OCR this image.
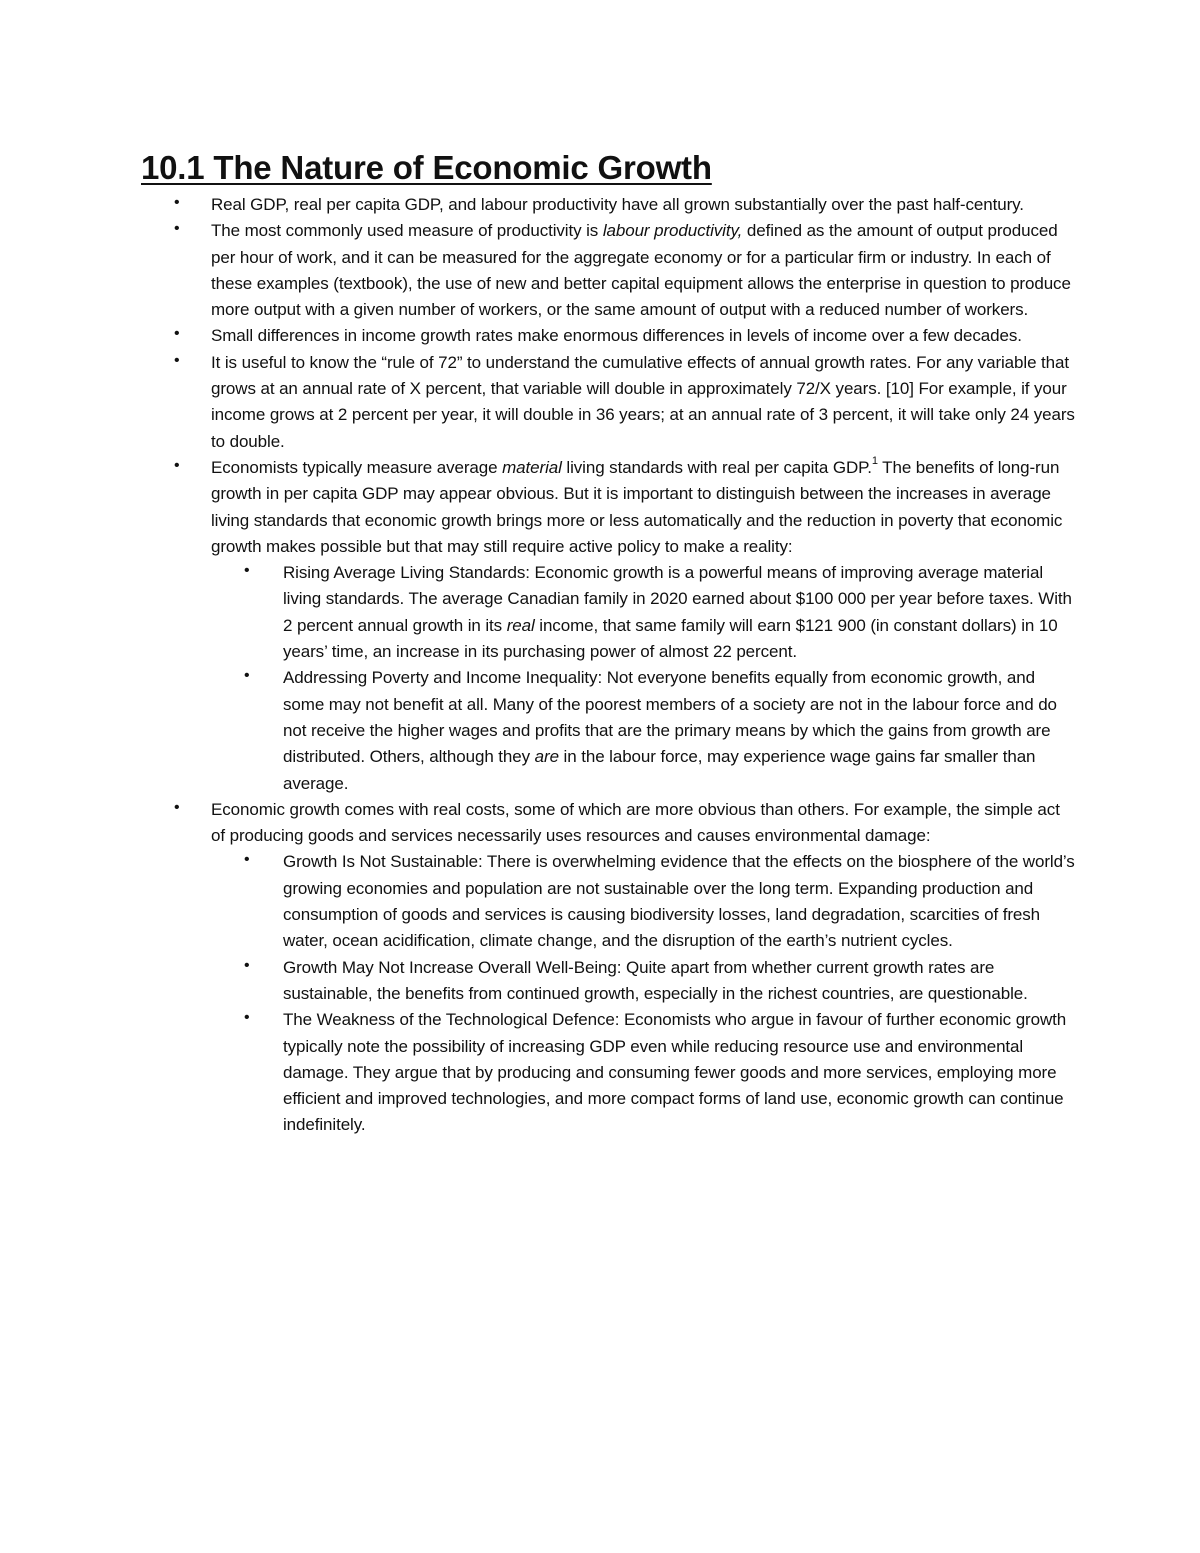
10.1 The Nature of Economic Growth
• Real GDP, real per capita GDP, and labour productivity have all grown substantially over the past half-century.
• The most commonly used measure of productivity is labour productivity, defined as the amount of output produced per hour of work, and it can be measured for the aggregate economy or for a particular firm or industry. In each of these examples (textbook), the use of new and better capital equipment allows the enterprise in question to produce more output with a given number of workers, or the same amount of output with a reduced number of workers.
• Small differences in income growth rates make enormous differences in levels of income over a few decades.
• It is useful to know the “rule of 72” to understand the cumulative effects of annual growth rates. For any variable that grows at an annual rate of X percent, that variable will double in approximately 72/X years. [10] For example, if your income grows at 2 percent per year, it will double in 36 years; at an annual rate of 3 percent, it will take only 24 years to double.
• Economists typically measure average material living standards with real per capita GDP.$^1$ The benefits of long-run growth in per capita GDP may appear obvious. But it is important to distinguish between the increases in average living standards that economic growth brings more or less automatically and the reduction in poverty that economic growth makes possible but that may still require active policy to make a reality:
• Rising Average Living Standards: Economic growth is a powerful means of improving average material living standards. The average Canadian family in 2020 earned about $100 000 per year before taxes. With 2 percent annual growth in its real income, that same family will earn $121 900 (in constant dollars) in 10 years’ time, an increase in its purchasing power of almost 22 percent.
• Addressing Poverty and Income Inequality: Not everyone benefits equally from economic growth, and some may not benefit at all. Many of the poorest members of a society are not in the labour force and do not receive the higher wages and profits that are the primary means by which the gains from growth are distributed. Others, although they are in the labour force, may experience wage gains far smaller than average.
• Economic growth comes with real costs, some of which are more obvious than others. For example, the simple act of producing goods and services necessarily uses resources and causes environmental damage:
• Growth Is Not Sustainable: There is overwhelming evidence that the effects on the biosphere of the world’s growing economies and population are not sustainable over the long term. Expanding production and consumption of goods and services is causing biodiversity losses, land degradation, scarcities of fresh water, ocean acidification, climate change, and the disruption of the earth’s nutrient cycles.
• Growth May Not Increase Overall Well-Being: Quite apart from whether current growth rates are sustainable, the benefits from continued growth, especially in the richest countries, are questionable.
• The Weakness of the Technological Defence: Economists who argue in favour of further economic growth typically note the possibility of increasing GDP even while reducing resource use and environmental damage. They argue that by producing and consuming fewer goods and more services, employing more efficient and improved technologies, and more compact forms of land use, economic growth can continue indefinitely.
